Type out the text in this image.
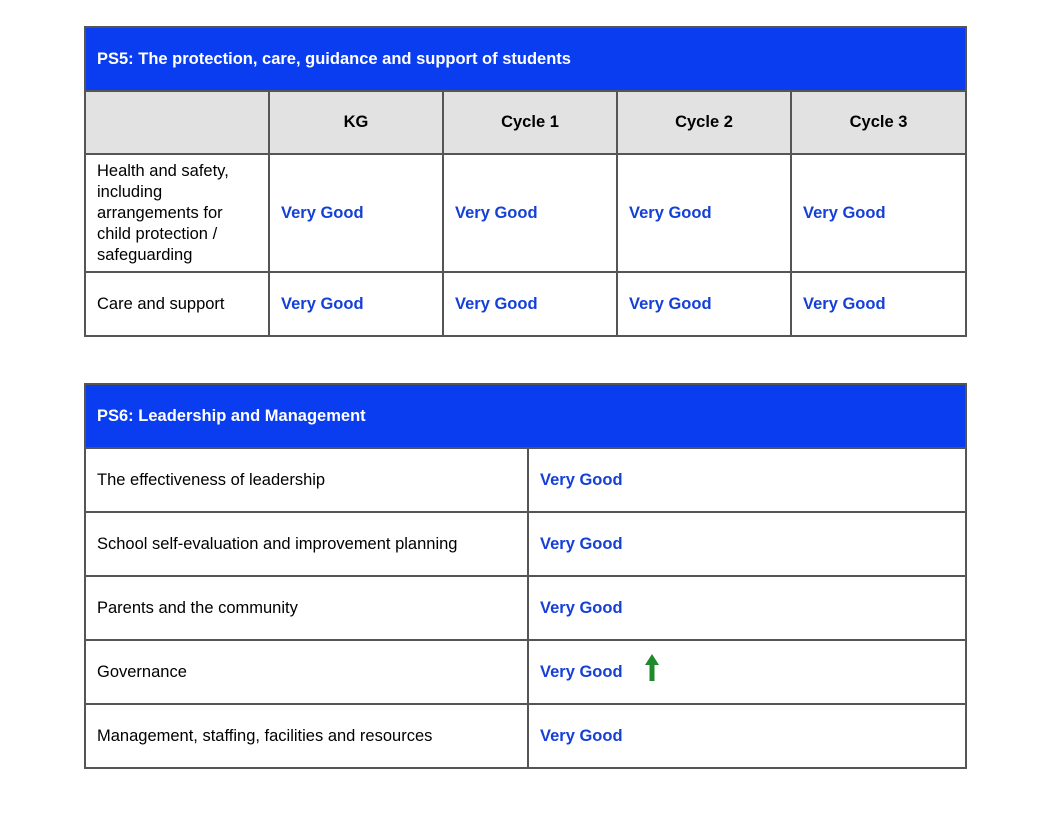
PS5: The protection, care, guidance and support of students				
	KG	Cycle 1	Cycle 2	Cycle 3
Health and safety, including arrangements for child protection / safeguarding	Very Good	Very Good	Very Good	Very Good
Care and support	Very Good	Very Good	Very Good	Very Good
PS6: Leadership and Management	
The effectiveness of leadership	Very Good
School self-evaluation and improvement planning	Very Good
Parents and the community	Very Good
Governance	Very Good
Management, staffing, facilities and resources	Very Good
